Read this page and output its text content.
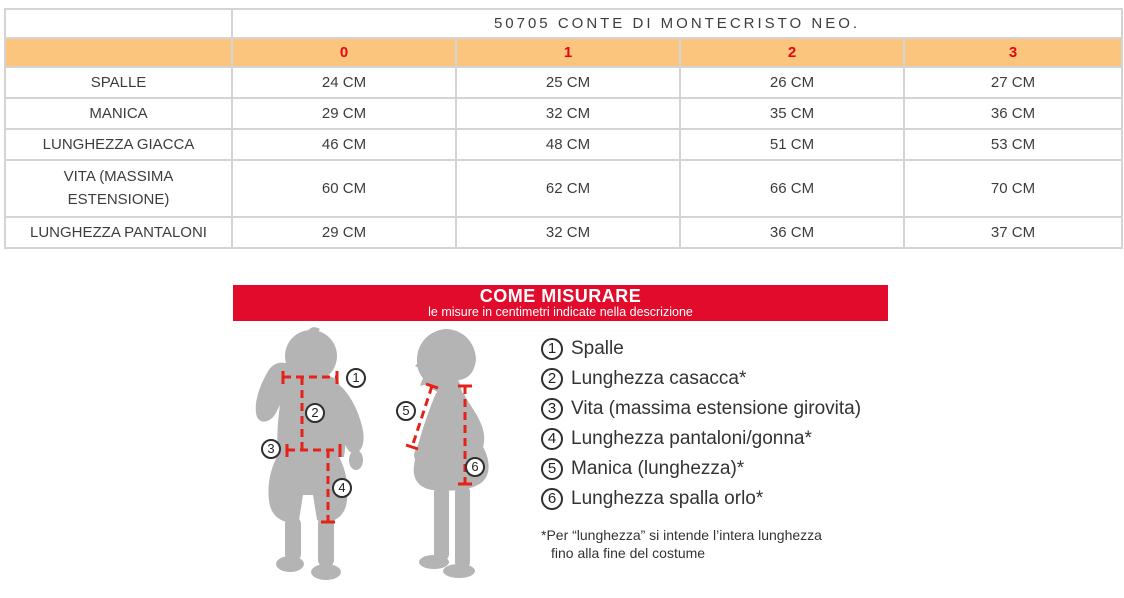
	50705 CONTE DI MONTECRISTO NEO.			
	0	1	2	3
SPALLE	24 CM	25 CM	26 CM	27 CM
MANICA	29 CM	32 CM	35 CM	36 CM
LUNGHEZZA GIACCA	46 CM	48 CM	51 CM	53 CM
VITA (MASSIMA ESTENSIONE)	60 CM	62 CM	66 CM	70 CM
LUNGHEZZA PANTALONI	29 CM	32 CM	36 CM	37 CM
COME MISURARE
le misure in centimetri indicate nella descrizione
1
2
3
4
5
6
1 Spalle
2 Lunghezza casacca*
3 Vita (massima estensione girovita)
4 Lunghezza pantaloni/gonna*
5 Manica (lunghezza)*
6 Lunghezza spalla orlo*
*Per “lunghezza” si intende l’intera lunghezza
fino alla fine del costume
